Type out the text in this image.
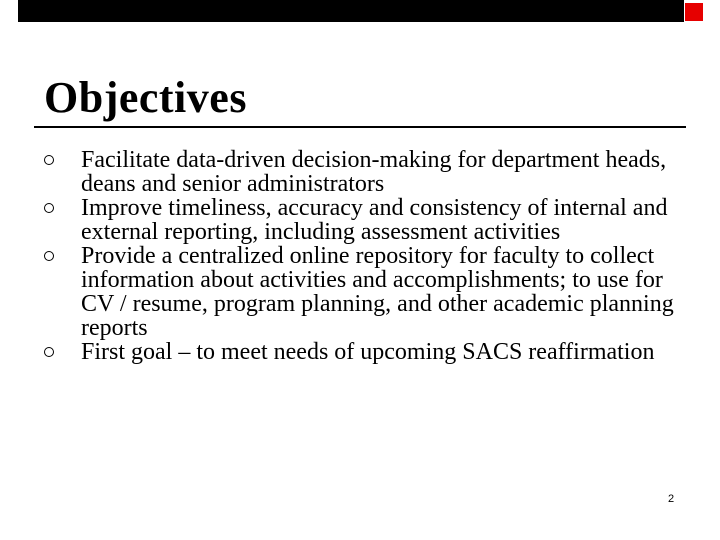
Objectives
Facilitate data-driven decision-making for department heads, deans and senior administrators
Improve timeliness, accuracy and consistency of internal and external reporting, including assessment activities
Provide a centralized online repository for faculty to collect information about activities and accomplishments; to use for CV / resume, program planning, and other academic planning reports
First goal – to meet needs of upcoming SACS reaffirmation
2
